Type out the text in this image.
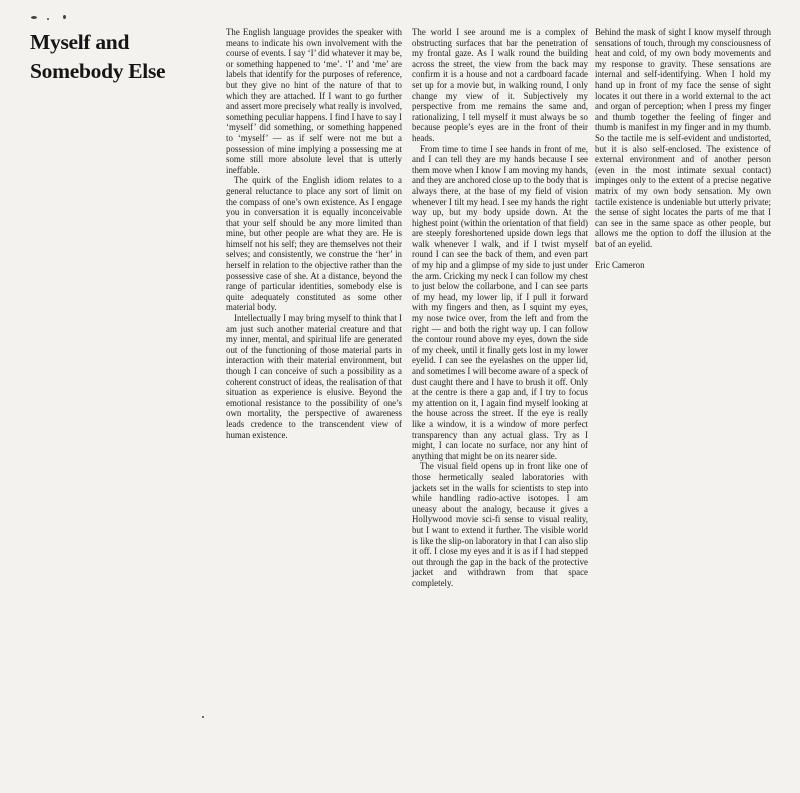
Myself and
Somebody Else

The English language provides the speaker with means to indicate his own involvement with the course of events. I say ‘I’ did whatever it may be, or something happened to ‘me’. ‘I’ and ‘me’ are labels that identify for the purposes of reference, but they give no hint of the nature of that to which they are attached. If I want to go further and assert more precisely what really is involved, something peculiar happens. I find I have to say I ‘myself’ did something, or something happened to ‘myself’ — as if self were not me but a possession of mine implying a possessing me at some still more absolute level that is utterly ineffable.

The quirk of the English idiom relates to a general reluctance to place any sort of limit on the compass of one’s own existence. As I engage you in conversation it is equally inconceivable that your self should be any more limited than mine, but other people are what they are. He is himself not his self; they are themselves not their selves; and consistently, we construe the ‘her’ in herself in relation to the objective rather than the possessive case of she. At a distance, beyond the range of particular identities, somebody else is quite adequately constituted as some other material body.

Intellectually I may bring myself to think that I am just such another material creature and that my inner, mental, and spiritual life are generated out of the functioning of those material parts in interaction with their material environment, but though I can conceive of such a possibility as a coherent construct of ideas, the realisation of that situation as experience is elusive. Beyond the emotional resistance to the possibility of one’s own mortality, the perspective of awareness leads credence to the transcendent view of human existence.

The world I see around me is a complex of obstructing surfaces that bar the penetration of my frontal gaze. As I walk round the building across the street, the view from the back may confirm it is a house and not a cardboard facade set up for a movie but, in walking round, I only change my view of it. Subjectively my perspective from me remains the same and, rationalizing, I tell myself it must always be so because people’s eyes are in the front of their heads.

From time to time I see hands in front of me, and I can tell they are my hands because I see them move when I know I am moving my hands, and they are anchored close up to the body that is always there, at the base of my field of vision whenever I tilt my head. I see my hands the right way up, but my body upside down. At the highest point (within the orientation of that field) are steeply foreshortened upside down legs that walk whenever I walk, and if I twist myself round I can see the back of them, and even part of my hip and a glimpse of my side to just under the arm. Cricking my neck I can follow my chest to just below the collarbone, and I can see parts of my head, my lower lip, if I pull it forward with my fingers and then, as I squint my eyes, my nose twice over, from the left and from the right — and both the right way up. I can follow the contour round above my eyes, down the side of my cheek, until it finally gets lost in my lower eyelid. I can see the eyelashes on the upper lid, and sometimes I will become aware of a speck of dust caught there and I have to brush it off. Only at the centre is there a gap and, if I try to focus my attention on it, I again find myself looking at the house across the street. If the eye is really like a window, it is a window of more perfect transparency than any actual glass. Try as I might, I can locate no surface, nor any hint of anything that might be on its nearer side.

The visual field opens up in front like one of those hermetically sealed laboratories with jackets set in the walls for scientists to step into while handling radio-active isotopes. I am uneasy about the analogy, because it gives a Hollywood movie sci-fi sense to visual reality, but I want to extend it further. The visible world is like the slip-on laboratory in that I can also slip it off. I close my eyes and it is as if I had stepped out through the gap in the back of the protective jacket and withdrawn from that space completely.

Behind the mask of sight I know myself through sensations of touch, through my consciousness of heat and cold, of my own body movements and my response to gravity. These sensations are internal and self-identifying. When I hold my hand up in front of my face the sense of sight locates it out there in a world external to the act and organ of perception; when I press my finger and thumb together the feeling of finger and thumb is manifest in my finger and in my thumb. So the tactile me is self-evident and undistorted, but it is also self-enclosed. The existence of external environment and of another person (even in the most intimate sexual contact) impinges only to the extent of a precise negative matrix of my own body sensation. My own tactile existence is undeniable but utterly private; the sense of sight locates the parts of me that I can see in the same space as other people, but allows me the option to doff the illusion at the bat of an eyelid.

Eric Cameron
